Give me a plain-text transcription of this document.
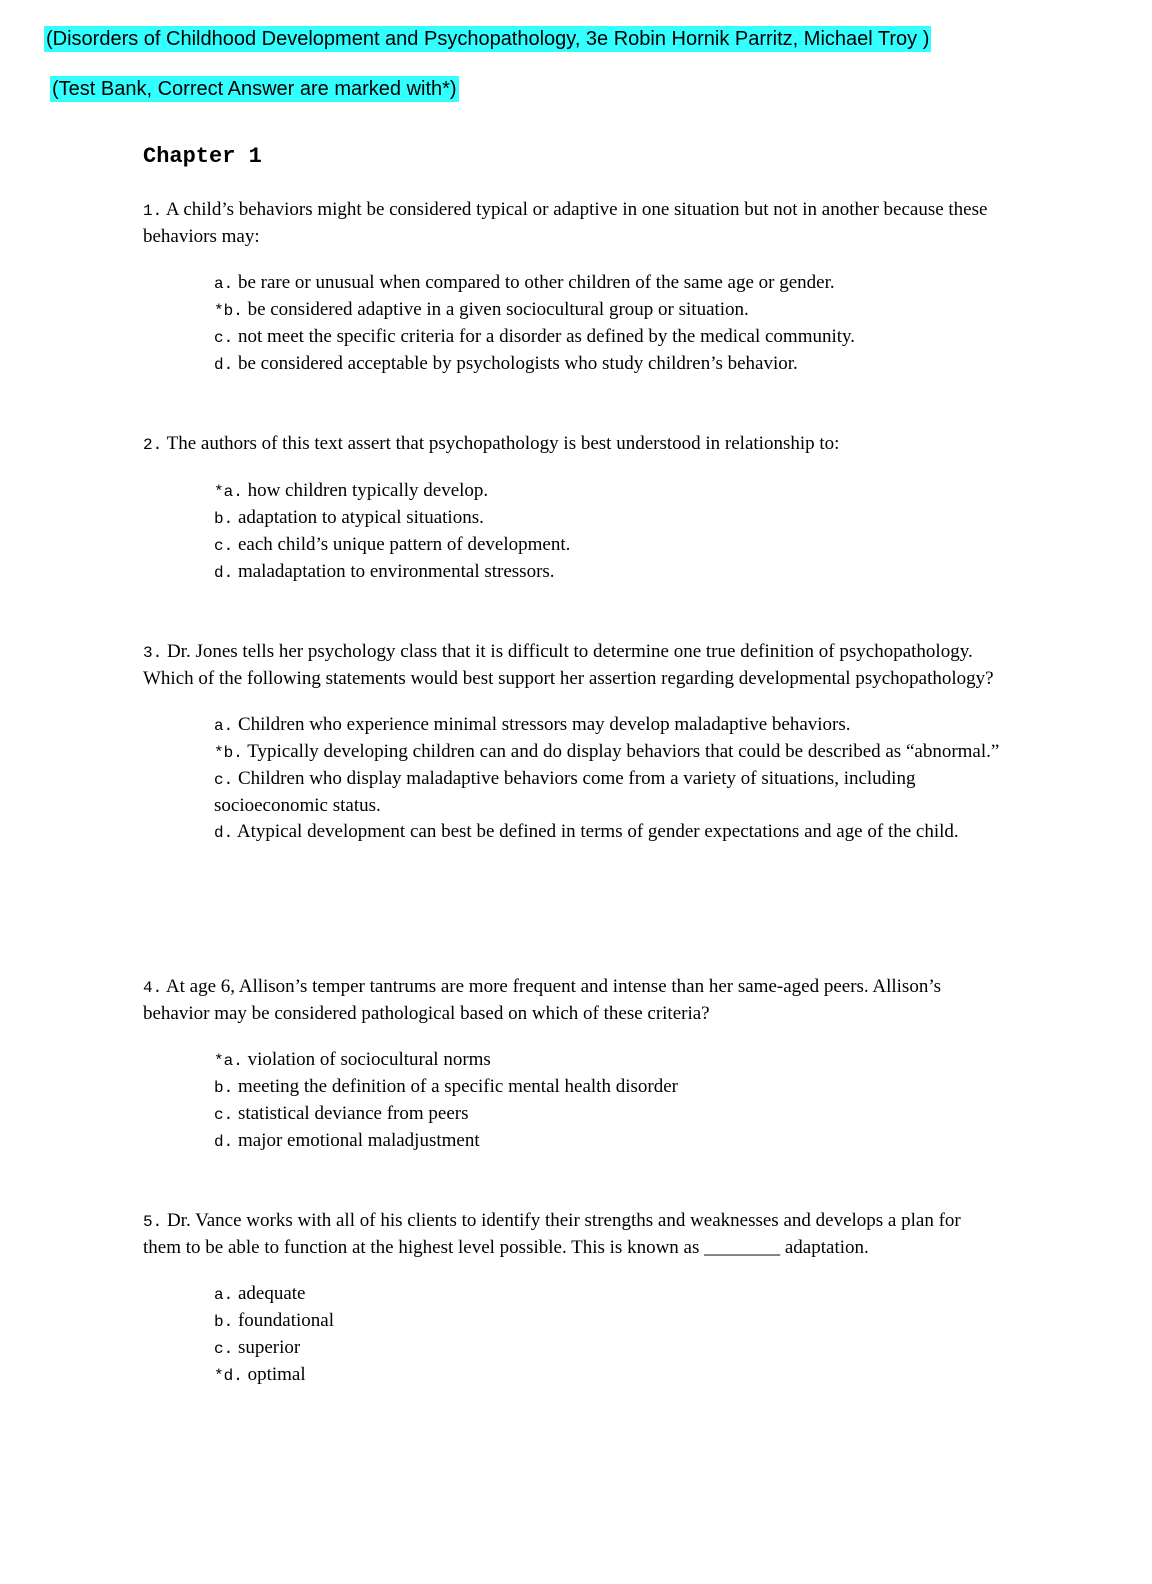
(Disorders of Childhood Development and Psychopathology, 3e Robin Hornik Parritz, Michael Troy )
(Test Bank, Correct Answer are marked with*)
Chapter 1

1. A child’s behaviors might be considered typical or adaptive in one situation but not in another because these behaviors may:

a. be rare or unusual when compared to other children of the same age or gender.
*b. be considered adaptive in a given sociocultural group or situation.
c. not meet the specific criteria for a disorder as defined by the medical community.
d. be considered acceptable by psychologists who study children’s behavior.

2. The authors of this text assert that psychopathology is best understood in relationship to:

*a. how children typically develop.
b. adaptation to atypical situations.
c. each child’s unique pattern of development.
d. maladaptation to environmental stressors.

3. Dr. Jones tells her psychology class that it is difficult to determine one true definition of psychopathology. Which of the following statements would best support her assertion regarding developmental psychopathology?

a. Children who experience minimal stressors may develop maladaptive behaviors.
*b. Typically developing children can and do display behaviors that could be described as “abnormal.”
c. Children who display maladaptive behaviors come from a variety of situations, including socioeconomic status.
d. Atypical development can best be defined in terms of gender expectations and age of the child.

4. At age 6, Allison’s temper tantrums are more frequent and intense than her same-aged peers. Allison’s behavior may be considered pathological based on which of these criteria?

*a. violation of sociocultural norms
b. meeting the definition of a specific mental health disorder
c. statistical deviance from peers
d. major emotional maladjustment

5. Dr. Vance works with all of his clients to identify their strengths and weaknesses and develops a plan for them to be able to function at the highest level possible. This is known as ________ adaptation.

a. adequate
b. foundational
c. superior
*d. optimal
